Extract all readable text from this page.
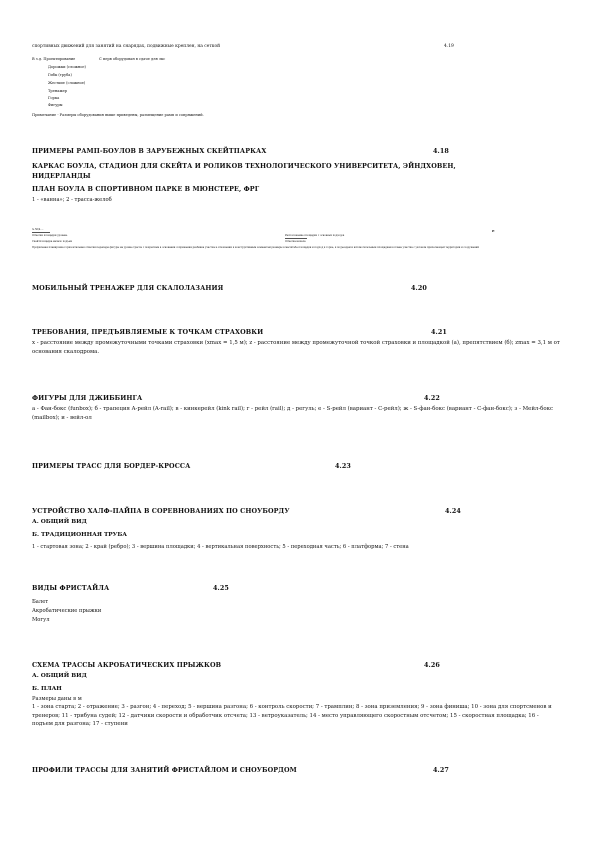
спортивных движений для занятий на снарядах, подвижные креплен, на сеткой	4.19
В з.д. Проектирование	С перв оборудован в сдаче для экс
Дорожки (сложное)
Гибк (труба)
Жесткие (сложное)
Тренажер
Горка
Фигуры
Примечание - Размеры оборудования выше приведены, размещение рамп и сопряжений.
ПРИМЕРЫ РАМП-БОУЛОВ В ЗАРУБЕЖНЫХ СКЕЙТПАРКАХ	4.18
КАРКАС БОУЛА, СТАДИОН ДЛЯ СКЕЙТА И РОЛИКОВ ТЕХНОЛОГИЧЕСКОГО УНИВЕРСИТЕТА, ЭЙНДХОВЕН,
НИДЕРЛАНДЫ
ПЛАН БОУЛА В СПОРТИВНОМ ПАРКЕ В МЮНСТЕРЕ, ФРГ
1 - «ванна»; 2 - трасса-желоб
№ 56/4 ...
Отметки площадки уровень
Скейтплощадка начало подъем
Профильная планировка горизонтальная отметки перепады фигуры на уровне трассы с покрытием в основании сопряжения разбивка участка в отношении к конструктивным элементам размеры в масштабе площадки и подход к горке, к подъездам и вспомогательным площадкам в плане участка с уклоном прилегающей территории и сооружений
Расположение площадки с основных подходов
Отметка начала
е
МОБИЛЬНЫЙ ТРЕНАЖЕР ДЛЯ СКАЛОЛАЗАНИЯ	4.20
ТРЕБОВАНИЯ, ПРЕДЪЯВЛЯЕМЫЕ К ТОЧКАМ СТРАХОВКИ	4.21
х - расстояние между промежуточными точками страховки (хmах = 1,5 м); z - расстояние между промежуточной точкой страховки и площадкой (а), препятствием (б); zmах = 3,1 м от основания скалодрома.
ФИГУРЫ ДЛЯ ДЖИББИНГА	4.22
а - Фан-бокс (funbox); б - трапеция A-рейл (A-rail); в - кинкерейл (kink rail); г - рейл (rail); д - регуль; е - S-рейл (вариант - С-рейл); ж - S-фан-бокс (вариант - С-фан-бокс); з - Мейл-бокс (mailbox); и - вейл-ол
ПРИМЕРЫ ТРАСС ДЛЯ БОРДЕР-КРОССА	4.23
УСТРОЙСТВО ХАЛФ-ПАЙПА В СОРЕВНОВАНИЯХ ПО СНОУБОРДУ	4.24
А. ОБЩИЙ ВИД
Б. ТРАДИЦИОННАЯ ТРУБА
1 - стартовая зона; 2 - край (ребро); 3 - вершина площадки; 4 - вертикальная поверхность; 5 - переходная часть; 6 - платформа; 7 - стена
ВИДЫ ФРИСТАЙЛА	4.25
Балет
Акробатические прыжки
Могул
СХЕМА ТРАССЫ АКРОБАТИЧЕСКИХ ПРЫЖКОВ	4.26
А. ОБЩИЙ ВИД
Б. ПЛАН
Размеры даны в м
1 - зона старта; 2 - отражение; 3 - разгон; 4 - переход; 5 - вершина разгона; 6 - контроль скорости; 7 - трамплин; 8 - зона приземления; 9 - зона финиша; 10 - зона для спортсменов и тренеров; 11 - трибуна судей; 12 - датчики скорости и обработчик отсчета; 13 - ветроуказатель; 14 - место управляющего скоростным отсчетом; 15 - скоростная площадка; 16 - подъем для разгона; 17 - ступени
ПРОФИЛИ ТРАССЫ ДЛЯ ЗАНЯТИЙ ФРИСТАЙЛОМ И СНОУБОРДОМ	4.27
